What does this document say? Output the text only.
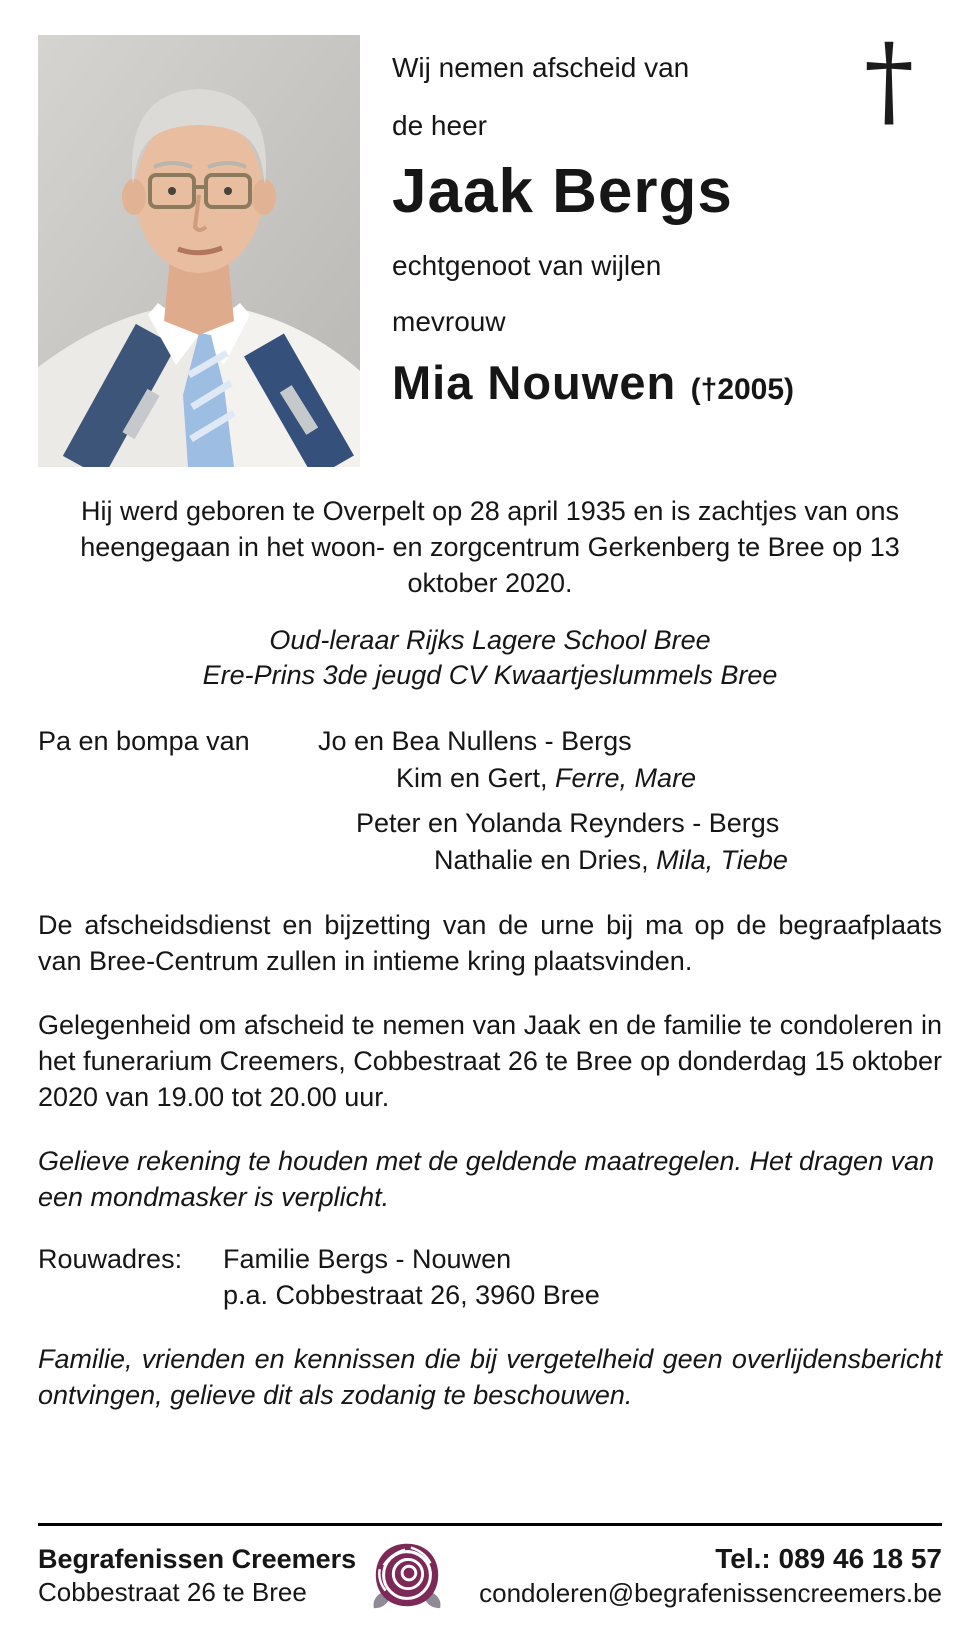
†
Wij nemen afscheid van
de heer
Jaak Bergs
echtgenoot van wijlen
mevrouw
Mia Nouwen (†2005)
Hij werd geboren te Overpelt op 28 april 1935 en is zachtjes van ons heengegaan in het woon- en zorgcentrum Gerkenberg te Bree op 13 oktober 2020.
Oud-leraar Rijks Lagere School Bree
Ere-Prins 3de jeugd CV Kwaartjeslummels Bree
Pa en bompa van	Jo en Bea Nullens - Bergs
Kim en Gert, Ferre, Mare
Peter en Yolanda Reynders - Bergs
Nathalie en Dries, Mila, Tiebe
De afscheidsdienst en bijzetting van de urne bij ma op de begraafplaats van Bree-Centrum zullen in intieme kring plaatsvinden.
Gelegenheid om afscheid te nemen van Jaak en de familie te condoleren in het funerarium Creemers, Cobbestraat 26 te Bree op donderdag 15 oktober 2020 van 19.00 tot 20.00 uur.
Gelieve rekening te houden met de geldende maatregelen. Het dragen van een mondmasker is verplicht.
Rouwadres:	Familie Bergs - Nouwen
p.a. Cobbestraat 26, 3960 Bree
Familie, vrienden en kennissen die bij vergetelheid geen overlijdensbericht ontvingen, gelieve dit als zodanig te beschouwen.
Begrafenissen Creemers
Cobbestraat 26 te Bree
Tel.: 089 46 18 57
condoleren@begrafenissencreemers.be
